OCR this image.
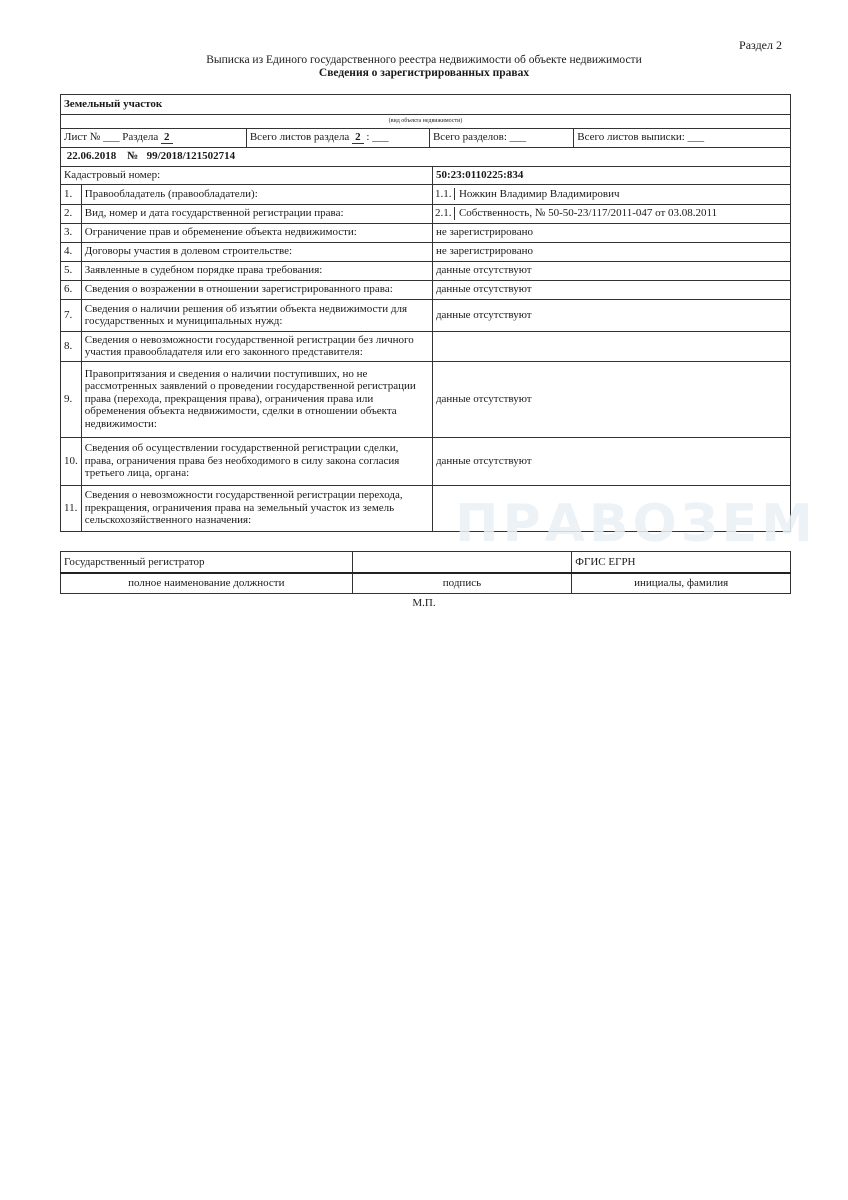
Раздел 2
Выписка из Единого государственного реестра недвижимости об объекте недвижимости
Сведения о зарегистрированных правах
Земельный участок					
(вид объекта недвижимости)					
Лист № ___ Раздела 2		Всего листов раздела 2 : ___	Всего разделов: ___		Всего листов выписки: ___
22.06.2018 № 99/2018/121502714					
Кадастровый номер:				50:23:0110225:834	
1.	Правообладатель (правообладатели):			1.1. Ножкин Владимир Владимирович	
2.	Вид, номер и дата государственной регистрации права:			2.1. Собственность, № 50-50-23/117/2011-047 от 03.08.2011	
3.	Ограничение прав и обременение объекта недвижимости:			не зарегистрировано	
4.	Договоры участия в долевом строительстве:			не зарегистрировано	
5.	Заявленные в судебном порядке права требования:			данные отсутствуют	
6.	Сведения о возражении в отношении зарегистрированного права:			данные отсутствуют	
7.	Сведения о наличии решения об изъятии объекта недвижимости для государственных и муниципальных нужд:			данные отсутствуют	
8.	Сведения о невозможности государственной регистрации без личного участия правообладателя или его законного представителя:				
9.	Правопритязания и сведения о наличии поступивших, но не рассмотренных заявлений о проведении государственной регистрации права (перехода, прекращения права), ограничения права или обременения объекта недвижимости, сделки в отношении объекта недвижимости:			данные отсутствуют	
10.	Сведения об осуществлении государственной регистрации сделки, права, ограничения права без необходимого в силу закона согласия третьего лица, органа:			данные отсутствуют	
11.	Сведения о невозможности государственной регистрации перехода, прекращения, ограничения права на земельный участок из земель сельскохозяйственного назначения:					ПРАВОЗЕМ
Государственный регистратор		ФГИС ЕГРН
полное наименование должности	подпись	инициалы, фамилия
М.П.
